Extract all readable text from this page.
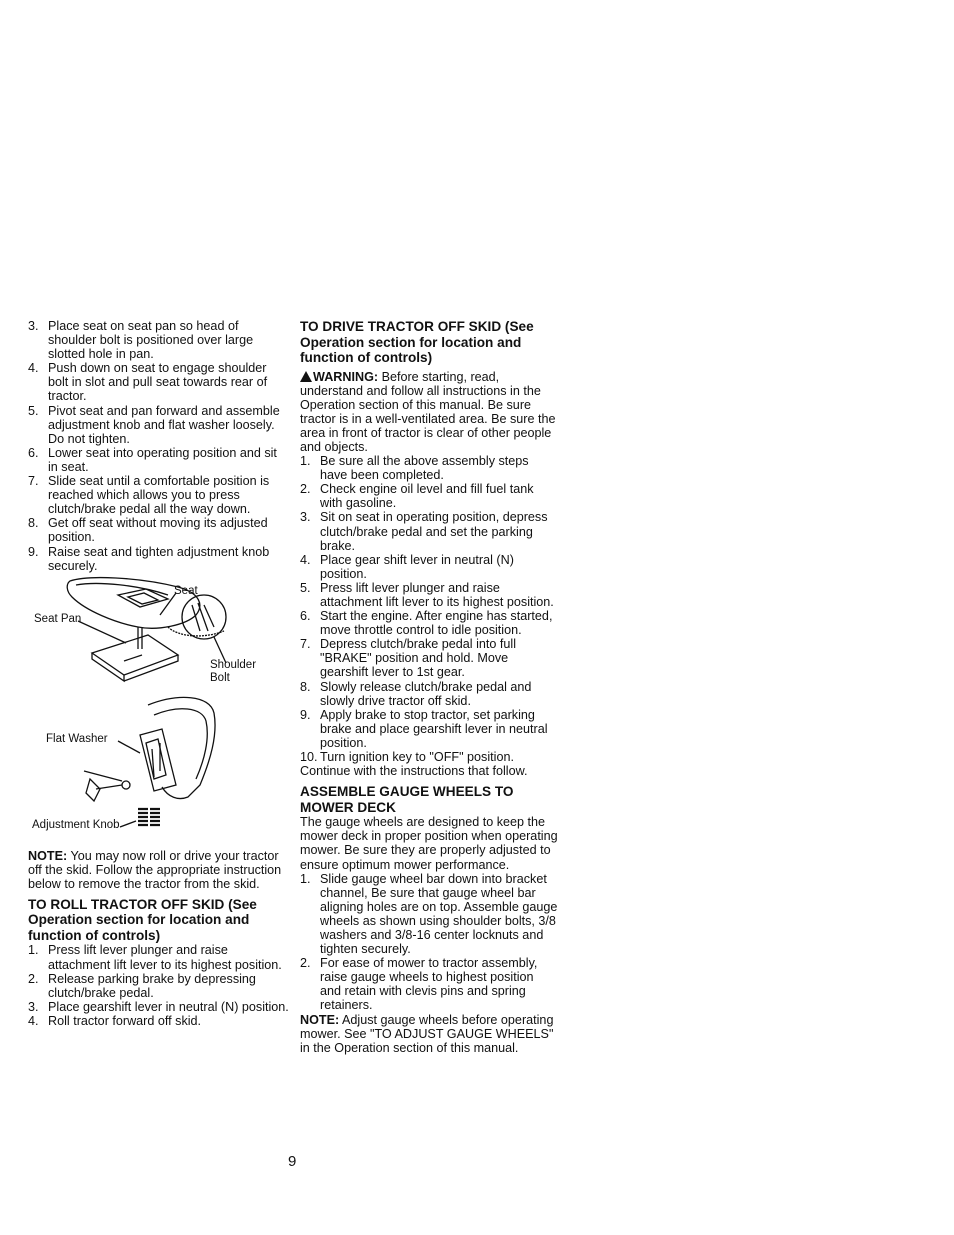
3. Place seat on seat pan so head of shoulder bolt is positioned over large slotted hole in pan.
4. Push down on seat to engage shoulder bolt in slot and pull seat towards rear of tractor.
5. Pivot seat and pan forward and assemble adjustment knob and flat washer loosely. Do not tighten.
6. Lower seat into operating position and sit in seat.
7. Slide seat until a comfortable position is reached which allows you to press clutch/brake pedal all the way down.
8. Get off seat without moving its adjusted position.
9. Raise seat and tighten adjustment knob securely.
Seat
Seat Pan
Shoulder
Bolt
Flat Washer
Adjustment Knob

NOTE: You may now roll or drive your tractor off the skid. Follow the appropriate instruction below to remove the tractor from the skid.

TO ROLL TRACTOR OFF SKID (See Operation section for location and function of controls)

1. Press lift lever plunger and raise attachment lift lever to its highest position.
2. Release parking brake by depressing clutch/brake pedal.
3. Place gearshift lever in neutral (N) position.
4. Roll tractor forward off skid.

TO DRIVE TRACTOR OFF SKID (See Operation section for location and function of controls)

WARNING: Before starting, read, understand and follow all instructions in the Operation section of this manual. Be sure tractor is in a well-ventilated area. Be sure the area in front of tractor is clear of other people and objects.

1. Be sure all the above assembly steps have been completed.
2. Check engine oil level and fill fuel tank with gasoline.
3. Sit on seat in operating position, depress clutch/brake pedal and set the parking brake.
4. Place gear shift lever in neutral (N) position.
5. Press lift lever plunger and raise attachment lift lever to its highest position.
6. Start the engine. After engine has started, move throttle control to idle position.
7. Depress clutch/brake pedal into full "BRAKE" position and hold. Move gearshift lever to 1st gear.
8. Slowly release clutch/brake pedal and slowly drive tractor off skid.
9. Apply brake to stop tractor, set parking brake and place gearshift lever in neutral position.
10. Turn ignition key to "OFF" position.

Continue with the instructions that follow.

ASSEMBLE GAUGE WHEELS TO MOWER DECK

The gauge wheels are designed to keep the mower deck in proper position when operating mower. Be sure they are properly adjusted to ensure optimum mower performance.

1. Slide gauge wheel bar down into bracket channel, Be sure that gauge wheel bar aligning holes are on top. Assemble gauge wheels as shown using shoulder bolts, 3/8 washers and 3/8-16 center locknuts and tighten securely.
2. For ease of mower to tractor assembly, raise gauge wheels to highest position and retain with clevis pins and spring retainers.

NOTE: Adjust gauge wheels before operating mower. See "TO ADJUST GAUGE WHEELS" in the Operation section of this manual.

9
